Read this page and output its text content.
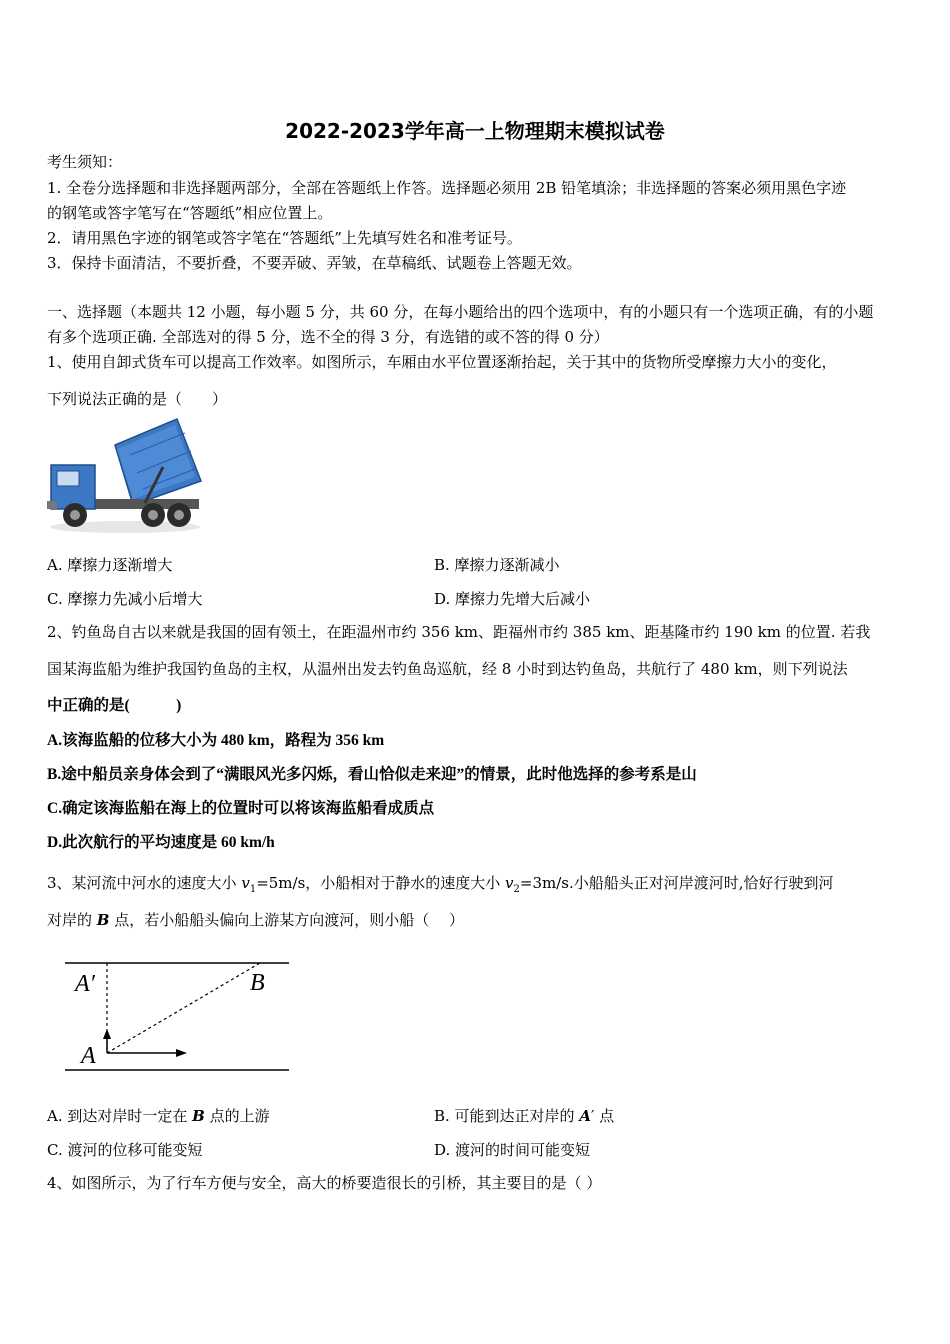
2022-2023学年高一上物理期末模拟试卷
考生须知：
1. 全卷分选择题和非选择题两部分，全部在答题纸上作答。选择题必须用 2B 铅笔填涂；非选择题的答案必须用黑色字迹
的钢笔或答字笔写在“答题纸”相应位置上。
2．请用黑色字迹的钢笔或答字笔在“答题纸”上先填写姓名和准考证号。
3．保持卡面清洁，不要折叠，不要弄破、弄皱，在草稿纸、试题卷上答题无效。
一、选择题（本题共 12 小题，每小题 5 分，共 60 分，在每小题给出的四个选项中，有的小题只有一个选项正确，有的小题
有多个选项正确. 全部选对的得 5 分，选不全的得 3 分，有选错的或不答的得 0 分）
1、使用自卸式货车可以提高工作效率。如图所示，车厢由水平位置逐渐抬起，关于其中的货物所受摩擦力大小的变化，
下列说法正确的是（　　）
A. 摩擦力逐渐增大	B. 摩擦力逐渐减小
C. 摩擦力先减小后增大	D. 摩擦力先增大后减小
2、钓鱼岛自古以来就是我国的固有领土，在距温州市约 356 km、距福州市约 385 km、距基隆市约 190 km 的位置. 若我
国某海监船为维护我国钓鱼岛的主权，从温州出发去钓鱼岛巡航，经 8 小时到达钓鱼岛，共航行了 480 km，则下列说法
中正确的是(　　　)
A.该海监船的位移大小为 480 km，路程为 356 km
B.途中船员亲身体会到了“满眼风光多闪烁，看山恰似走来迎”的情景，此时他选择的参考系是山
C.确定该海监船在海上的位置时可以将该海监船看成质点
D.此次航行的平均速度是 60 km/h
3、某河流中河水的速度大小 $v_1=5m/s$，小船相对于静水的速度大小 $v_2=3m/s$.小船船头正对河岸渡河时,恰好行驶到河
对岸的 B 点，若小船船头偏向上游某方向渡河，则小船（　 ）
A′	B
A
A. 到达对岸时一定在 B 点的上游	B. 可能到达正对岸的 A′ 点
C. 渡河的位移可能变短	D. 渡河的时间可能变短
4、如图所示，为了行车方便与安全，高大的桥要造很长的引桥，其主要目的是（ ）
